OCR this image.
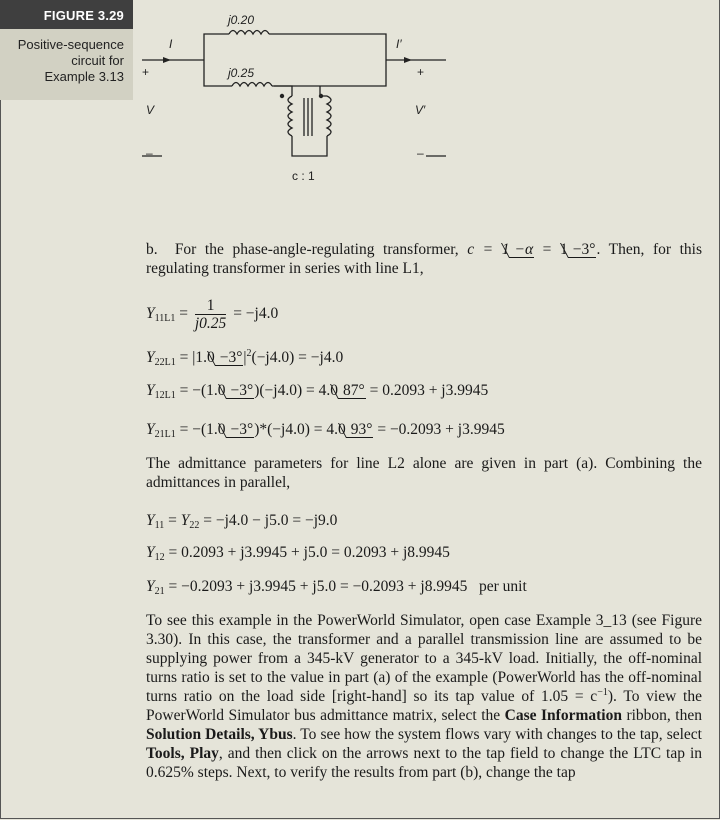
FIGURE 3.29
Positive-sequence
circuit for
Example 3.13
j0.20
j0.25
I	I′
+	+
V	V′
–	–
c : 1
b. For the phase-angle-regulating transformer, c = 1 −α = 1 −3°. Then, for this regulating transformer in series with line L1,
$Y_{11L1} = \frac{1}{j0.25} = -j4.0$
$Y_{22L1} = |1.0 -3^\circ|^2(-j4.0) = -j4.0$
$Y_{12L1} = -(1.0 -3^\circ)(-j4.0) = 4.0$ 87° = 0.2093 + j3.9945
$Y_{21L1} = -(1.0 -3^\circ)*(-j4.0) = 4.0$ 93° = −0.2093 + j3.9945
The admittance parameters for line L2 alone are given in part (a). Combining the admittances in parallel,
$Y_{11} = Y_{22} = -j4.0 - j5.0 = -j9.0$
$Y_{12} = 0.2093 + j3.9945 + j5.0 = 0.2093 + j8.9945$
$Y_{21} = -0.2093 + j3.9945 + j5.0 = -0.2093 + j8.9945$ per unit
To see this example in the PowerWorld Simulator, open case Example 3_13 (see Figure 3.30). In this case, the transformer and a parallel transmission line are assumed to be supplying power from a 345-kV generator to a 345-kV load. Initially, the off-nominal turns ratio is set to the value in part (a) of the example (PowerWorld has the off-nominal turns ratio on the load side [right-hand] so its tap value of $1.05 = c^{-1}$). To view the PowerWorld Simulator bus admittance matrix, select the Case Information ribbon, then Solution Details, Ybus. To see how the system flows vary with changes to the tap, select Tools, Play, and then click on the arrows next to the tap field to change the LTC tap in 0.625% steps. Next, to verify the results from part (b), change the tap
